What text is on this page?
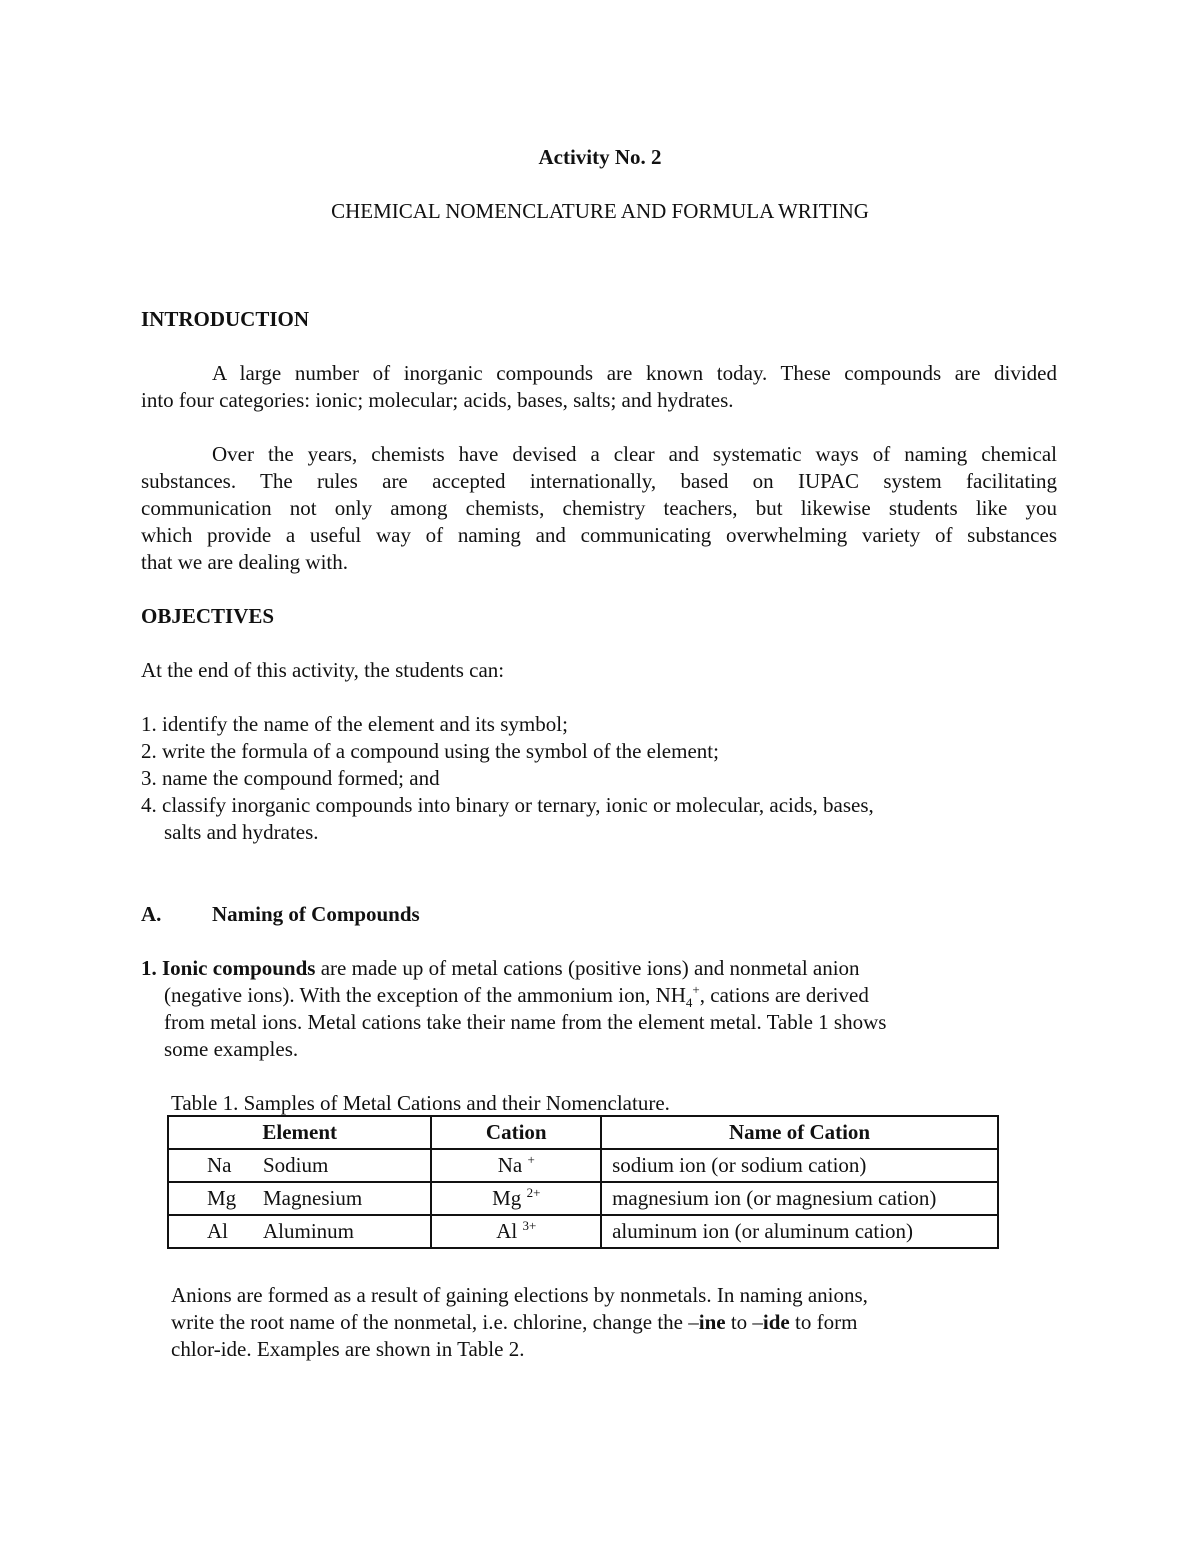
Activity No. 2
CHEMICAL NOMENCLATURE AND FORMULA WRITING
INTRODUCTION
A large number of inorganic compounds are known today. These compounds are divided
into four categories: ionic; molecular; acids, bases, salts; and hydrates.
Over the years, chemists have devised a clear and systematic ways of naming chemical
substances. The rules are accepted internationally, based on IUPAC system facilitating
communication not only among chemists, chemistry teachers, but likewise students like you
which provide a useful way of naming and communicating overwhelming variety of substances
that we are dealing with.
OBJECTIVES
At the end of this activity, the students can:
1. identify the name of the element and its symbol;
2. write the formula of a compound using the symbol of the element;
3. name the compound formed; and
4. classify inorganic compounds into binary or ternary, ionic or molecular, acids, bases,
salts and hydrates.
A. Naming of Compounds
1. Ionic compounds are made up of metal cations (positive ions) and nonmetal anion
(negative ions). With the exception of the ammonium ion, $NH_4^+$, cations are derived
from metal ions. Metal cations take their name from the element metal. Table 1 shows
some examples.
Table 1. Samples of Metal Cations and their Nomenclature.
Element	Cation	Name of Cation
Na Sodium	Na +	sodium ion (or sodium cation)
Mg Magnesium	Mg $^{2+}$	magnesium ion (or magnesium cation)
Al Aluminum	Al $^{3+}$	aluminum ion (or aluminum cation)
Anions are formed as a result of gaining elections by nonmetals. In naming anions,
write the root name of the nonmetal, i.e. chlorine, change the –ine to –ide to form
chlor-ide. Examples are shown in Table 2.
